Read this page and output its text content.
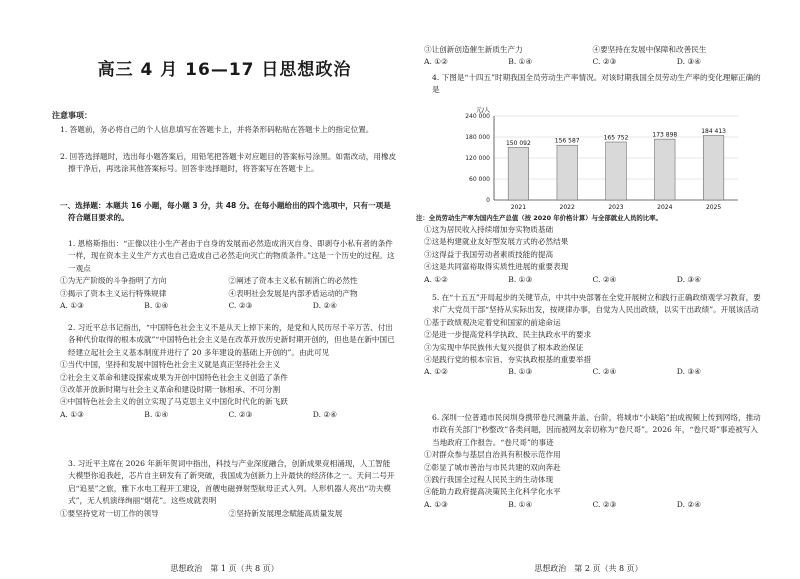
高三 4 月 16—17 日思想政治
注意事项：
1. 答题前，务必将自己的个人信息填写在答题卡上，并将条形码粘贴在答题卡上的指定位置。
2. 回答选择题时，选出每小题答案后，用铅笔把答题卡对应题目的答案标号涂黑。如需改动，用橡皮擦干净后，再选涂其他答案标号。回答非选择题时，将答案写在答题卡上。
一、选择题：本题共 16 小题，每小题 3 分，共 48 分。在每小题给出的四个选项中，只有一项是符合题目要求的。
1. 恩格斯指出：“正像以往小生产者由于自身的发展而必然造成消灭自身、即剥夺小私有者的条件一样，现在资本主义生产方式也自己造成自己必然走向灭亡的物质条件。”这是一个历史的过程。这一观点
①为无产阶级的斗争指明了方向	②阐述了资本主义私有制消亡的必然性
③揭示了资本主义运行特殊规律	④表明社会发展是内部矛盾运动的产物
A. ①③	B. ①④	C. ②③	D. ②④
2. 习近平总书记指出，“中国特色社会主义不是从天上掉下来的，是党和人民历尽千辛万苦、付出各种代价取得的根本成就”“中国特色社会主义是在改革开放历史新时期开创的，但也是在新中国已经建立起社会主义基本制度并进行了 20 多年建设的基础上开创的”。由此可见
①当代中国，坚持和发展中国特色社会主义就是真正坚持社会主义
②社会主义革命和建设探索成果为开创中国特色社会主义创造了条件
③改革开放新时期与社会主义革命和建设时期一脉相承、不可分割
④中国特色社会主义的创立实现了马克思主义中国化时代化的新飞跃
A. ①③	B. ①④	C. ②③	D. ②④
3. 习近平主席在 2026 年新年贺词中指出，科技与产业深度融合，创新成果竞相涌现，人工智能大模型你追我赶，芯片自主研发有了新突破，我国成为创新力上升最快的经济体之一。天问二号开启“追星”之旅，雅下水电工程开工建设，首艘电磁弹射型航母正式入列。人形机器人亮出“功夫模式”，无人机演绎绚丽“烟花”。这些成就表明
①要坚持党对一切工作的领导	②坚持新发展理念赋能高质量发展
思想政治　第 1 页（共 8 页）
③让创新创造催生新质生产力	④要坚持在发展中保障和改善民生
A. ①②	B. ①④	C. ②③	D. ③④
4. 下图是“十四五”时期我国全员劳动生产率情况。对该时期我国全员劳动生产率的变化理解正确的是
元/人
0
60 000
120 000
180 000
240 000
150 092
2021
156 587
2022
165 752
2023
173 898
2024
184 413
2025
注：全员劳动生产率为国内生产总值（按 2020 年价格计算）与全部就业人员的比率。
①这为居民收入持续增加夯实物质基础
②这是构建就业友好型发展方式的必然结果
③这得益于我国劳动者素质技能的提高
④这是共同富裕取得实质性进展的重要表现
A. ①②	B. ①③	C. ②④	D. ③④
5. 在“十五五”开局起步的关键节点，中共中央部署在全党开展树立和践行正确政绩观学习教育，要求广大党员干部“坚持从实际出发，按规律办事，自觉为人民出政绩，以实干出政绩”。开展该活动
①基于政绩观决定着党和国家的前途命运
②是进一步提高党科学执政、民主执政水平的要求
③为实现中华民族伟大复兴提供了根本政治保证
④是践行党的根本宗旨、夯实执政根基的重要举措
A. ①②	B. ①③	C. ②④	D. ③④
6. 深圳一位普通市民闵圳身携带卷尺测量井盖、台阶，将城市“小缺陷”拍成视频上传到网络，推动市政有关部门“秒整改”各类问题，因而被网友亲切称为“卷尺哥”。2026 年，“卷尺哥”事迹被写入当地政府工作报告。“卷尺哥”的事迹
①对群众参与基层自治具有积极示范作用
②彰显了城市善治与市民共建的双向奔赴
③践行我国全过程人民民主的生动体现
④能助力政府提高决策民主化科学化水平
A. ①③	B. ①④	C. ②③	D. ②④
思想政治　第 2 页（共 8 页）
